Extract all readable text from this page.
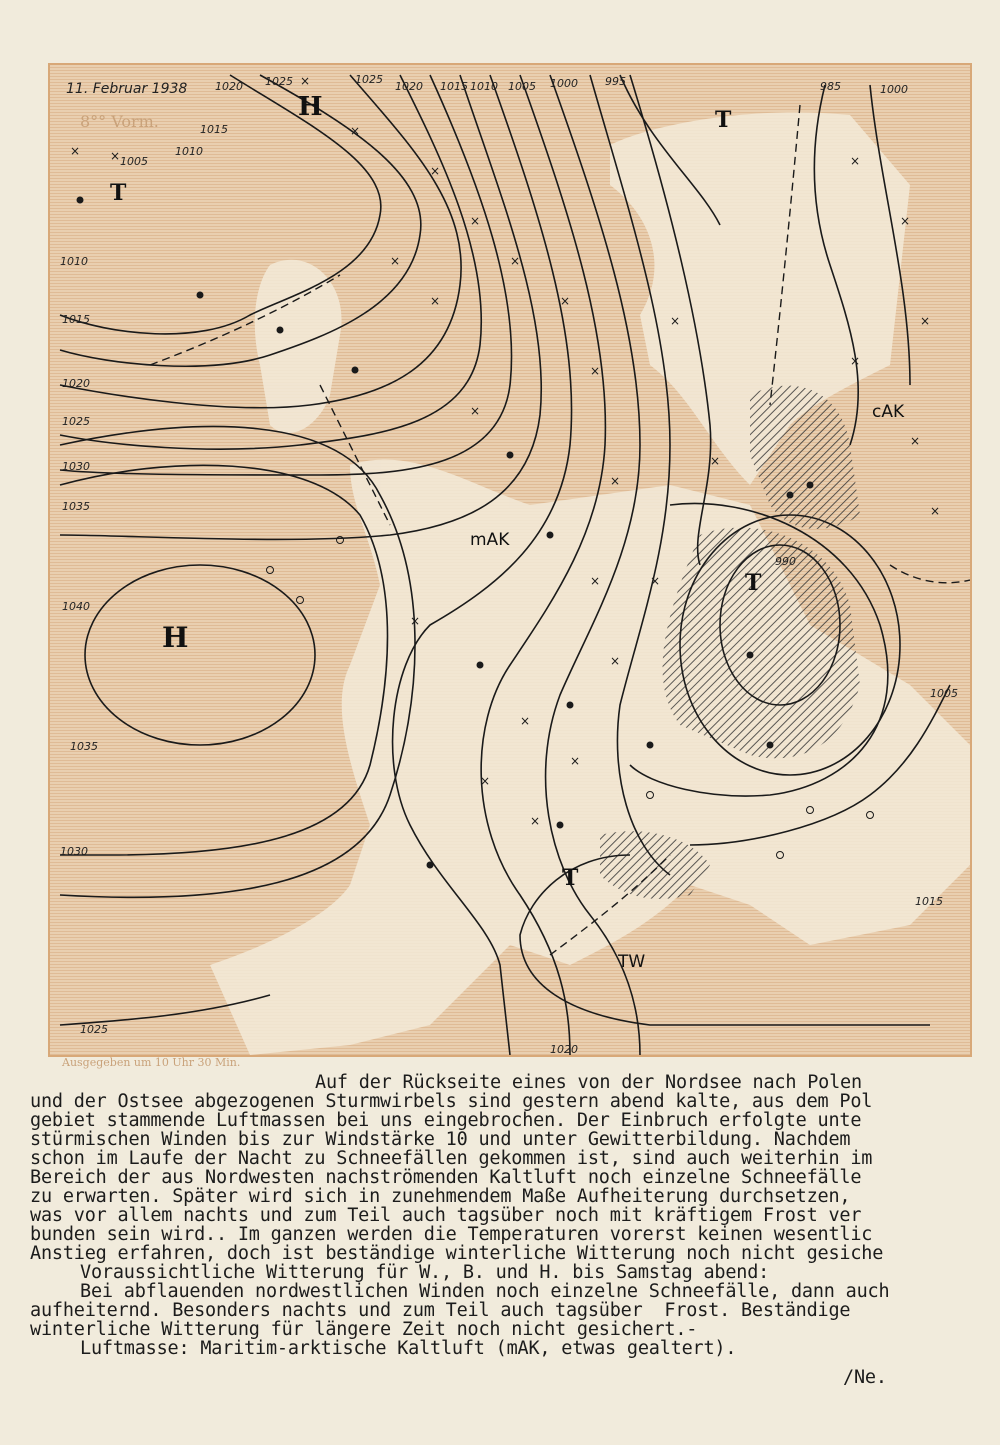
× ×
×
×
×
×
×
×
×
×
×
×
×
×
×
×
×
×
×
×
×
×
×
×
×
×
×
×
×
H
H
T
T
T
T
mAK
cAK
TW
1020 1025	1025
1020 1015 1010 1005 1000 995	985	1000
1015
1010
1005
1010
1015
1020
1025
1030
1035
1040
1035
1030
1025
1020
1015
1005
990
11. Februar 1938
8°° Vorm.
Ausgegeben um 10 Uhr 30 Min.
Auf der Rückseite eines von der Nordsee nach Polen
und der Ostsee abgezogenen Sturmwirbels sind gestern abend kalte, aus dem Pol
gebiet stammende Luftmassen bei uns eingebrochen. Der Einbruch erfolgte unte
stürmischen Winden bis zur Windstärke 10 und unter Gewitterbildung. Nachdem
schon im Laufe der Nacht zu Schneefällen gekommen ist, sind auch weiterhin im
Bereich der aus Nordwesten nachströmenden Kaltluft noch einzelne Schneefälle
zu erwarten. Später wird sich in zunehmendem Maße Aufheiterung durchsetzen,
was vor allem nachts und zum Teil auch tagsüber noch mit kräftigem Frost ver
bunden sein wird.. Im ganzen werden die Temperaturen vorerst keinen wesentlic
Anstieg erfahren, doch ist beständige winterliche Witterung noch nicht gesiche
Voraussichtliche Witterung für W., B. und H. bis Samstag abend:
Bei abflauenden nordwestlichen Winden noch einzelne Schneefälle, dann auch
aufheiternd. Besonders nachts und zum Teil auch tagsüber  Frost. Beständige
winterliche Witterung für längere Zeit noch nicht gesichert.-
Luftmasse: Maritim-arktische Kaltluft (mAK, etwas gealtert).
/Ne.
